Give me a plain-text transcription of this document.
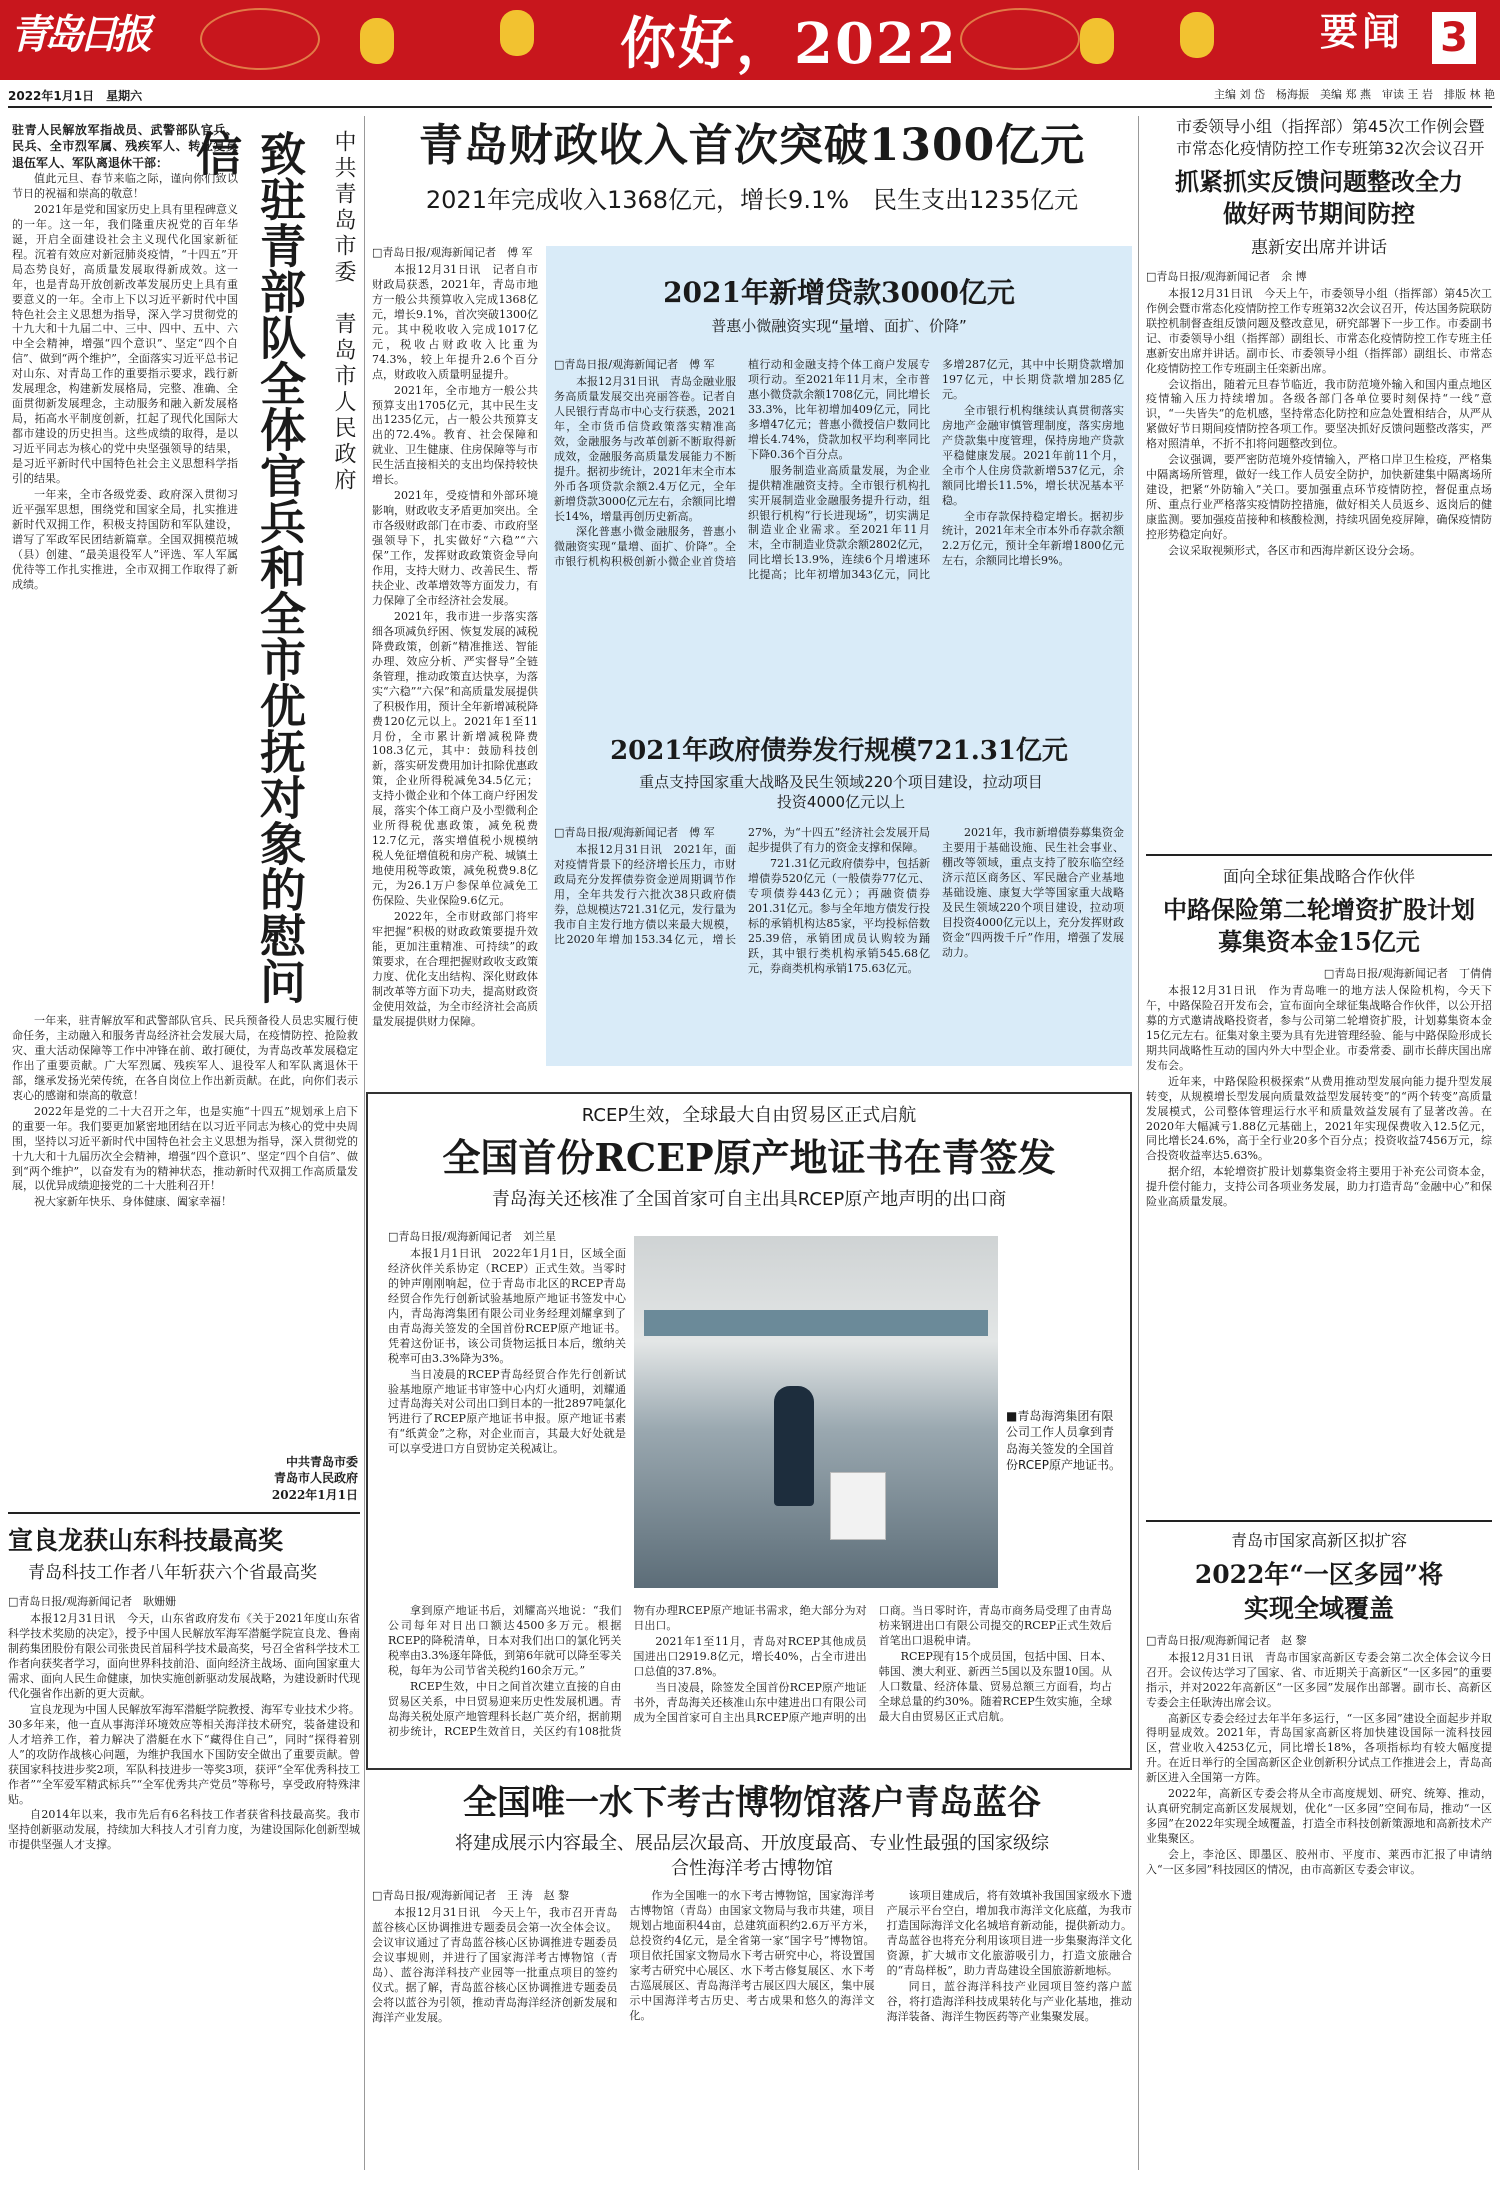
青岛日报	你好，2022	要闻 3
2022年1月1日　星期六	主编 刘 岱　杨海振　美编 郑 燕　审读 王 岩　排版 林 艳
中共青岛市委　青岛市人民政府
致驻青部队全体官兵和全市优抚对象的慰问信

驻青人民解放军指战员、武警部队官兵、民兵、全市烈军属、残疾军人、转业复员退伍军人、军队离退休干部：

值此元旦、春节来临之际，谨向你们致以节日的祝福和崇高的敬意！

2021年是党和国家历史上具有里程碑意义的一年。这一年，我们隆重庆祝党的百年华诞，开启全面建设社会主义现代化国家新征程。沉着有效应对新冠肺炎疫情，“十四五”开局态势良好，高质量发展取得新成效。这一年，也是青岛开放创新改革发展历史上具有重要意义的一年。全市上下以习近平新时代中国特色社会主义思想为指导，深入学习贯彻党的十九大和十九届二中、三中、四中、五中、六中全会精神，增强“四个意识”、坚定“四个自信”、做到“两个维护”，全面落实习近平总书记对山东、对青岛工作的重要指示要求，践行新发展理念，构建新发展格局，完整、准确、全面贯彻新发展理念，主动服务和融入新发展格局，拓高水平制度创新，扛起了现代化国际大都市建设的历史担当。这些成绩的取得，是以习近平同志为核心的党中央坚强领导的结果，是习近平新时代中国特色社会主义思想科学指引的结果。

一年来，全市各级党委、政府深入贯彻习近平强军思想，围绕党和国家全局，扎实推进新时代双拥工作，积极支持国防和军队建设，谱写了军政军民团结新篇章。全国双拥模范城（县）创建、“最美退役军人”评选、军人军属优待等工作扎实推进，全市双拥工作取得了新成绩。

一年来，驻青解放军和武警部队官兵、民兵预备役人员忠实履行使命任务，主动融入和服务青岛经济社会发展大局，在疫情防控、抢险救灾、重大活动保障等工作中冲锋在前、敢打硬仗，为青岛改革发展稳定作出了重要贡献。广大军烈属、残疾军人、退役军人和军队离退休干部，继承发扬光荣传统，在各自岗位上作出新贡献。在此，向你们表示衷心的感谢和崇高的敬意！

2022年是党的二十大召开之年，也是实施“十四五”规划承上启下的重要一年。我们要更加紧密地团结在以习近平同志为核心的党中央周围，坚持以习近平新时代中国特色社会主义思想为指导，深入贯彻党的十九大和十九届历次全会精神，增强“四个意识”、坚定“四个自信”、做到“两个维护”，以奋发有为的精神状态，推动新时代双拥工作高质量发展，以优异成绩迎接党的二十大胜利召开！

祝大家新年快乐、身体健康、阖家幸福！

中共青岛市委
青岛市人民政府
2022年1月1日
宣良龙获山东科技最高奖
青岛科技工作者八年斩获六个省最高奖
□青岛日报/观海新闻记者　耿姗姗

本报12月31日讯　今天，山东省政府发布《关于2021年度山东省科学技术奖励的决定》，授予中国人民解放军海军潜艇学院宣良龙、鲁南制药集团股份有限公司张贵民首届科学技术最高奖，号召全省科学技术工作者向获奖者学习，面向世界科技前沿、面向经济主战场、面向国家重大需求、面向人民生命健康，加快实施创新驱动发展战略，为建设新时代现代化强省作出新的更大贡献。

宣良龙现为中国人民解放军海军潜艇学院教授、海军专业技术少将。30多年来，他一直从事海洋环境效应等相关海洋技术研究，装备建设和人才培养工作，着力解决了潜艇在水下“藏得住自己”，同时“探得着别人”的攻防作战核心问题，为维护我国水下国防安全做出了重要贡献。曾获国家科技进步奖2项，军队科技进步一等奖3项，获评“全军优秀科技工作者”“全军爱军精武标兵”“全军优秀共产党员”等称号，享受政府特殊津贴。

自2014年以来，我市先后有6名科技工作者获省科技最高奖。我市坚持创新驱动发展，持续加大科技人才引育力度，为建设国际化创新型城市提供坚强人才支撑。

青岛财政收入首次突破1300亿元
2021年完成收入1368亿元，增长9.1%　民生支出1235亿元
□青岛日报/观海新闻记者　傅 军

本报12月31日讯　记者自市财政局获悉，2021年，青岛市地方一般公共预算收入完成1368亿元，增长9.1%，首次突破1300亿元。其中税收收入完成1017亿元，税收占财政收入比重为74.3%，较上年提升2.6个百分点，财政收入质量明显提升。

2021年，全市地方一般公共预算支出1705亿元，其中民生支出1235亿元，占一般公共预算支出的72.4%。教育、社会保障和就业、卫生健康、住房保障等与市民生活直接相关的支出均保持较快增长。

2021年，受疫情和外部环境影响，财政收支矛盾更加突出。全市各级财政部门在市委、市政府坚强领导下，扎实做好“六稳”“六保”工作，发挥财政政策资金导向作用，支持大财力、改善民生、帮扶企业、改革增效等方面发力，有力保障了全市经济社会发展。

2021年，我市进一步落实落细各项减负纾困、恢复发展的减税降费政策，创新“精准推送、智能办理、效应分析、严实督导”全链条管理，推动政策直达快享，为落实“六稳”“六保”和高质量发展提供了积极作用，预计全年新增减税降费120亿元以上。2021年1至11月份，全市累计新增减税降费108.3亿元，其中：鼓励科技创新，落实研发费用加计扣除优惠政策，企业所得税减免34.5亿元；支持小微企业和个体工商户纾困发展，落实个体工商户及小型微利企业所得税优惠政策，减免税费12.7亿元，落实增值税小规模纳税人免征增值税和房产税、城镇土地使用税等政策，减免税费9.8亿元，为26.1万户参保单位减免工伤保险、失业保险9.6亿元。

2022年，全市财政部门将牢牢把握“积极的财政政策要提升效能，更加注重精准、可持续”的政策要求，在合理把握财政收支政策力度、优化支出结构、深化财政体制改革等方面下功夫，提高财政资金使用效益，为全市经济社会高质量发展提供财力保障。

2021年新增贷款3000亿元
普惠小微融资实现“量增、面扩、价降”
□青岛日报/观海新闻记者　傅 军

本报12月31日讯　青岛金融业服务高质量发展交出亮丽答卷。记者自人民银行青岛市中心支行获悉，2021年，全市货币信贷政策落实精准高效，金融服务与改革创新不断取得新成效，金融服务高质量发展能力不断提升。据初步统计，2021年末全市本外币各项贷款余额2.4万亿元，全年新增贷款3000亿元左右，余额同比增长14%，增量再创历史新高。

深化普惠小微金融服务，普惠小微融资实现“量增、面扩、价降”。全市银行机构积极创新小微企业首贷培植行动和金融支持个体工商户发展专项行动。至2021年11月末，全市普惠小微贷款余额1708亿元，同比增长33.3%，比年初增加409亿元，同比多增47亿元；普惠小微授信户数同比增长4.74%，贷款加权平均利率同比下降0.36个百分点。

服务制造业高质量发展，为企业提供精准融资支持。全市银行机构扎实开展制造业金融服务提升行动，组织银行机构“行长进现场”，切实满足制造业企业需求。至2021年11月末，全市制造业贷款余额2802亿元，同比增长13.9%，连续6个月增速环比提高；比年初增加343亿元，同比多增287亿元，其中中长期贷款增加197亿元，中长期贷款增加285亿元。

全市银行机构继续认真贯彻落实房地产金融审慎管理制度，落实房地产贷款集中度管理，保持房地产贷款平稳健康发展。2021年前11个月，全市个人住房贷款新增537亿元，余额同比增长11.5%，增长状况基本平稳。

全市存款保持稳定增长。据初步统计，2021年末全市本外币存款余额2.2万亿元，预计全年新增1800亿元左右，余额同比增长9%。

2021年政府债券发行规模721.31亿元
重点支持国家重大战略及民生领域220个项目建设，拉动项目投资4000亿元以上
□青岛日报/观海新闻记者　傅 军

本报12月31日讯　2021年，面对疫情背景下的经济增长压力，市财政局充分发挥债券资金逆周期调节作用，全年共发行六批次38只政府债券，总规模达721.31亿元，发行量为我市自主发行地方债以来最大规模，比2020年增加153.34亿元，增长27%，为“十四五”经济社会发展开局起步提供了有力的资金支撑和保障。

721.31亿元政府债券中，包括新增债券520亿元（一般债券77亿元、专项债券443亿元）；再融资债券201.31亿元。参与全年地方债发行投标的承销机构达85家，平均投标倍数25.39倍，承销团成员认购较为踊跃，其中银行类机构承销545.68亿元，券商类机构承销175.63亿元。

2021年，我市新增债券募集资金主要用于基础设施、民生社会事业、棚改等领域，重点支持了胶东临空经济示范区商务区、军民融合产业基地基础设施、康复大学等国家重大战略及民生领域220个项目建设，拉动项目投资4000亿元以上，充分发挥财政资金“四两拨千斤”作用，增强了发展动力。

RCEP生效，全球最大自由贸易区正式启航
全国首份RCEP原产地证书在青签发
青岛海关还核准了全国首家可自主出具RCEP原产地声明的出口商
□青岛日报/观海新闻记者　刘兰星

本报1月1日讯　2022年1月1日，区域全面经济伙伴关系协定（RCEP）正式生效。当零时的钟声刚刚响起，位于青岛市北区的RCEP青岛经贸合作先行创新试验基地原产地证书签发中心内，青岛海湾集团有限公司业务经理刘耀拿到了由青岛海关签发的全国首份RCEP原产地证书。凭着这份证书，该公司货物运抵日本后，缴纳关税率可由3.3%降为3%。

当日凌晨的RCEP青岛经贸合作先行创新试验基地原产地证书审签中心内灯火通明，刘耀通过青岛海关对公司出口到日本的一批2897吨氯化钙进行了RCEP原产地证书申报。原产地证书素有“纸黄金”之称，对企业而言，其最大好处就是可以享受进口方自贸协定关税减让。

■青岛海湾集团有限公司工作人员拿到青岛海关签发的全国首份RCEP原产地证书。

拿到原产地证书后，刘耀高兴地说：“我们公司每年对日出口额达4500多万元。根据RCEP的降税清单，日本对我们出口的氯化钙关税率由3.3%逐年降低，到第6年就可以降至零关税，每年为公司节省关税约160余万元。”

RCEP生效，中日之间首次建立直接的自由贸易区关系，中日贸易迎来历史性发展机遇。青岛海关税处原产地管理科长赵广英介绍，据前期初步统计，RCEP生效首日，关区约有108批货物有办理RCEP原产地证书需求，绝大部分为对日出口。

2021年1至11月，青岛对RCEP其他成员国进出口2919.8亿元，增长40%，占全市进出口总值的37.8%。

当日凌晨，除签发全国首份RCEP原产地证书外，青岛海关还核准山东中建进出口有限公司成为全国首家可自主出具RCEP原产地声明的出口商。当日零时许，青岛市商务局受理了由青岛枋来钢进出口有限公司提交的RCEP正式生效后首笔出口退税申请。

RCEP现有15个成员国，包括中国、日本、韩国、澳大利亚、新西兰5国以及东盟10国。从人口数量、经济体量、贸易总额三方面看，均占全球总量的约30%。随着RCEP生效实施，全球最大自由贸易区正式启航。

全国唯一水下考古博物馆落户青岛蓝谷
将建成展示内容最全、展品层次最高、开放度最高、专业性最强的国家级综合性海洋考古博物馆
□青岛日报/观海新闻记者　王 涛　赵 黎

本报12月31日讯　今天上午，我市召开青岛蓝谷核心区协调推进专题委员会第一次全体会议。会议审议通过了青岛蓝谷核心区协调推进专题委员会议事规则，并进行了国家海洋考古博物馆（青岛）、蓝谷海洋科技产业园等一批重点项目的签约仪式。据了解，青岛蓝谷核心区协调推进专题委员会将以蓝谷为引领，推动青岛海洋经济创新发展和海洋产业发展。

作为全国唯一的水下考古博物馆，国家海洋考古博物馆（青岛）由国家文物局与我市共建，项目规划占地面积44亩，总建筑面积约2.6万平方米，总投资约4亿元，是全省第一家“国字号”博物馆。项目依托国家文物局水下考古研究中心，将设置国家考古研究中心展区、水下考古修复展区、水下考古巡展展区、青岛海洋考古展区四大展区，集中展示中国海洋考古历史、考古成果和悠久的海洋文化。

该项目建成后，将有效填补我国国家级水下遗产展示平台空白，增加我市海洋文化底蕴，为我市打造国际海洋文化名城培育新动能，提供新动力。青岛蓝谷也将充分利用该项目进一步集聚海洋文化资源，扩大城市文化旅游吸引力，打造文旅融合的“青岛样板”，助力青岛建设全国旅游新地标。

同日，蓝谷海洋科技产业园项目签约落户蓝谷，将打造海洋科技成果转化与产业化基地，推动海洋装备、海洋生物医药等产业集聚发展。

市委领导小组（指挥部）第45次工作例会暨市常态化疫情防控工作专班第32次会议召开
抓紧抓实反馈问题整改全力做好两节期间防控
惠新安出席并讲话
□青岛日报/观海新闻记者　余 博

本报12月31日讯　今天上午，市委领导小组（指挥部）第45次工作例会暨市常态化疫情防控工作专班第32次会议召开，传达国务院联防联控机制督查组反馈问题及整改意见，研究部署下一步工作。市委副书记、市委领导小组（指挥部）副组长、市常态化疫情防控工作专班主任惠新安出席并讲话。副市长、市委领导小组（指挥部）副组长、市常态化疫情防控工作专班副主任栾新出席。

会议指出，随着元旦春节临近，我市防范境外输入和国内重点地区疫情输入压力持续增加。各级各部门各单位要时刻保持“一线”意识，“一失皆失”的危机感，坚持常态化防控和应急处置相结合，从严从紧做好节日期间疫情防控各项工作。要坚决抓好反馈问题整改落实，严格对照清单，不折不扣将问题整改到位。

会议强调，要严密防范境外疫情输入，严格口岸卫生检疫，严格集中隔离场所管理，做好一线工作人员安全防护，加快新建集中隔离场所建设，把紧“外防输入”关口。要加强重点环节疫情防控，督促重点场所、重点行业严格落实疫情防控措施，做好相关人员返乡、返岗后的健康监测。要加强疫苗接种和核酸检测，持续巩固免疫屏障，确保疫情防控形势稳定向好。

会议采取视频形式，各区市和西海岸新区设分会场。

面向全球征集战略合作伙伴
中路保险第二轮增资扩股计划募集资本金15亿元
□青岛日报/观海新闻记者　丁倩倩

本报12月31日讯　作为青岛唯一的地方法人保险机构，今天下午，中路保险召开发布会，宣布面向全球征集战略合作伙伴，以公开招募的方式邀请战略投资者，参与公司第二轮增资扩股，计划募集资本金15亿元左右。征集对象主要为具有先进管理经验、能与中路保险形成长期共同战略性互动的国内外大中型企业。市委常委、副市长薛庆国出席发布会。

近年来，中路保险积极探索“从费用推动型发展向能力提升型发展转变，从规模增长型发展向质量效益型发展转变”的“两个转变”高质量发展模式，公司整体管理运行水平和质量效益发展有了显著改善。在2020年大幅减亏1.88亿元基础上，2021年实现保费收入12.5亿元，同比增长24.6%，高于全行业20多个百分点；投资收益7456万元，综合投资收益率达5.63%。

据介绍，本轮增资扩股计划募集资金将主要用于补充公司资本金，提升偿付能力，支持公司各项业务发展，助力打造青岛“金融中心”和保险业高质量发展。

青岛市国家高新区拟扩容
2022年“一区多园”将实现全域覆盖
□青岛日报/观海新闻记者　赵 黎

本报12月31日讯　青岛市国家高新区专委会第二次全体会议今日召开。会议传达学习了国家、省、市近期关于高新区“一区多园”的重要指示，并对2022年高新区“一区多园”发展作出部署。副市长、高新区专委会主任耿涛出席会议。

高新区专委会经过去年半年多运行，“一区多园”建设全面起步并取得明显成效。2021年，青岛国家高新区将加快建设国际一流科技园区，营业收入4253亿元，同比增长18%，各项指标均有较大幅度提升。在近日举行的全国高新区企业创新积分试点工作推进会上，青岛高新区进入全国第一方阵。

2022年，高新区专委会将从全市高度规划、研究、统筹、推动，认真研究制定高新区发展规划，优化“一区多园”空间布局，推动“一区多园”在2022年实现全域覆盖，打造全市科技创新策源地和高新技术产业集聚区。

会上，李沧区、即墨区、胶州市、平度市、莱西市汇报了申请纳入“一区多园”科技园区的情况，由市高新区专委会审议。
